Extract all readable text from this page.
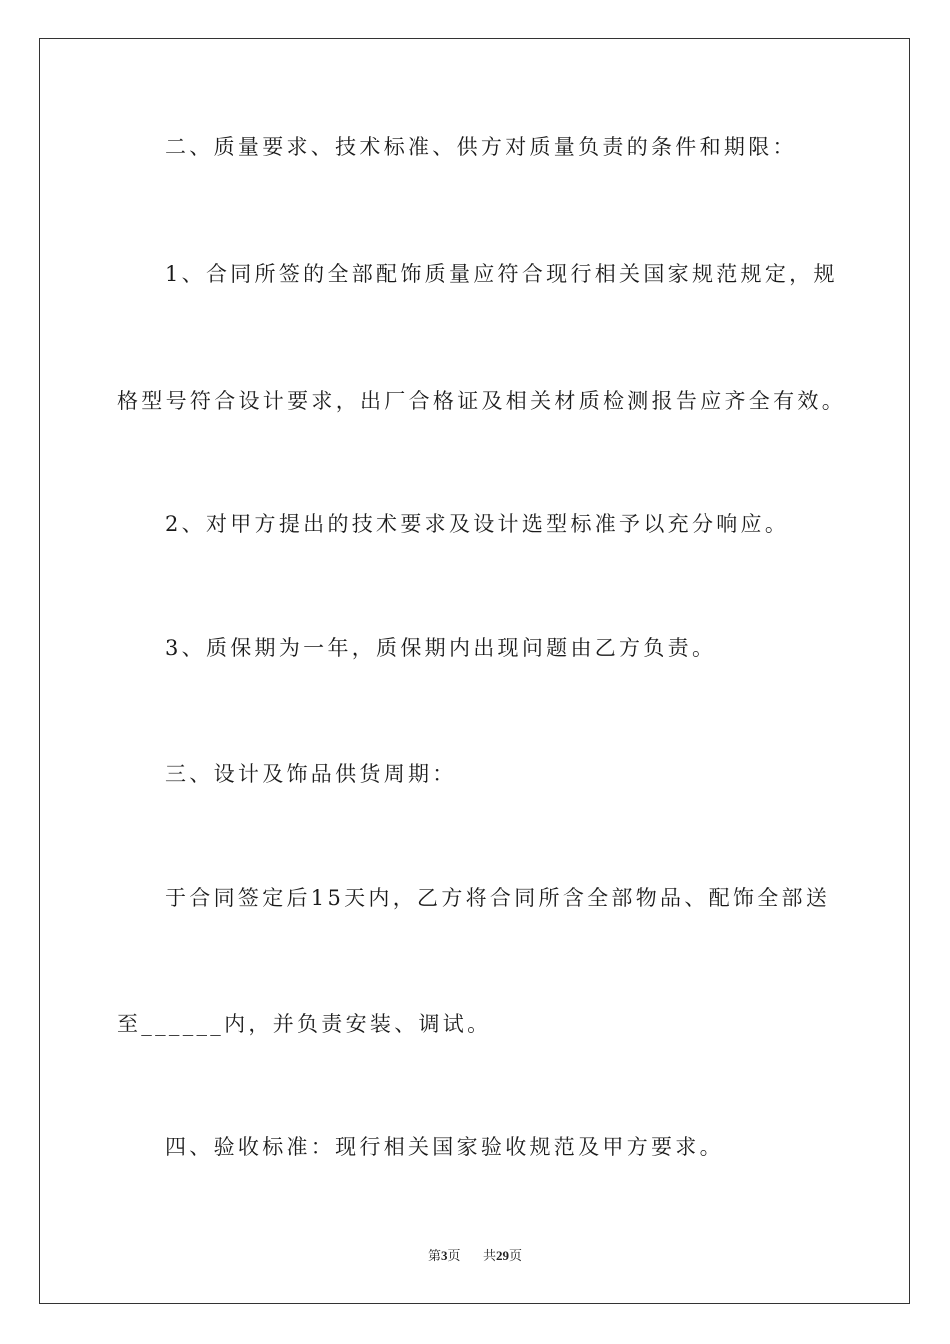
二、质量要求、技术标准、供方对质量负责的条件和期限：
1、合同所签的全部配饰质量应符合现行相关国家规范规定，规
格型号符合设计要求，出厂合格证及相关材质检测报告应齐全有效。
2、对甲方提出的技术要求及设计选型标准予以充分响应。
3、质保期为一年，质保期内出现问题由乙方负责。
三、设计及饰品供货周期：
于合同签定后15天内，乙方将合同所含全部物品、配饰全部送
至______内，并负责安装、调试。
四、验收标准：现行相关国家验收规范及甲方要求。
第3页 共29页
